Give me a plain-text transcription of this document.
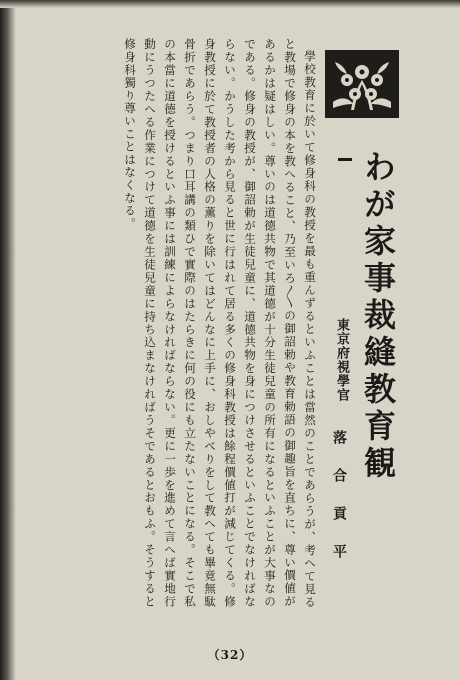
わが家事裁縫教育観
東京府視學官
落合貢平

學校教育に於いて修身科の教授を最も重んずるといふことは當然のことであらうが、考へて見ると教場で修身の本を教へること、乃至いろ〳〵の御詔勅や教育勅語の御趣旨を直ちに、尊い價値があるかは疑はしい。尊いのは道德共物で其道德が十分生徒兒童の所有になるといふことが大事なのである。修身の教授が、御詔勅が生徒兒童に、道德共物を身につけさせるといふことでなければならない。かうした考から見ると世に行はれて居る多くの修身科教授は餘程價値打が減じてくる。修身教授に於て教授者の人格の薫りを除いてはどんなに上手に、おしやべりをして教へても畢竟無駄骨折であらう。つまり口耳講の類ひで實際のはたらきに何の役にも立たないことになる。そこで私の本當に道德を授けるといふ事には訓練によらなければならない。更に一歩を進めて言へば實地行動にうつたへる作業につけて道德を生徒兒童に持ち込まなければうそであるとおもふ。そうすると修身科獨り尊いことはなくなる。

（32）
